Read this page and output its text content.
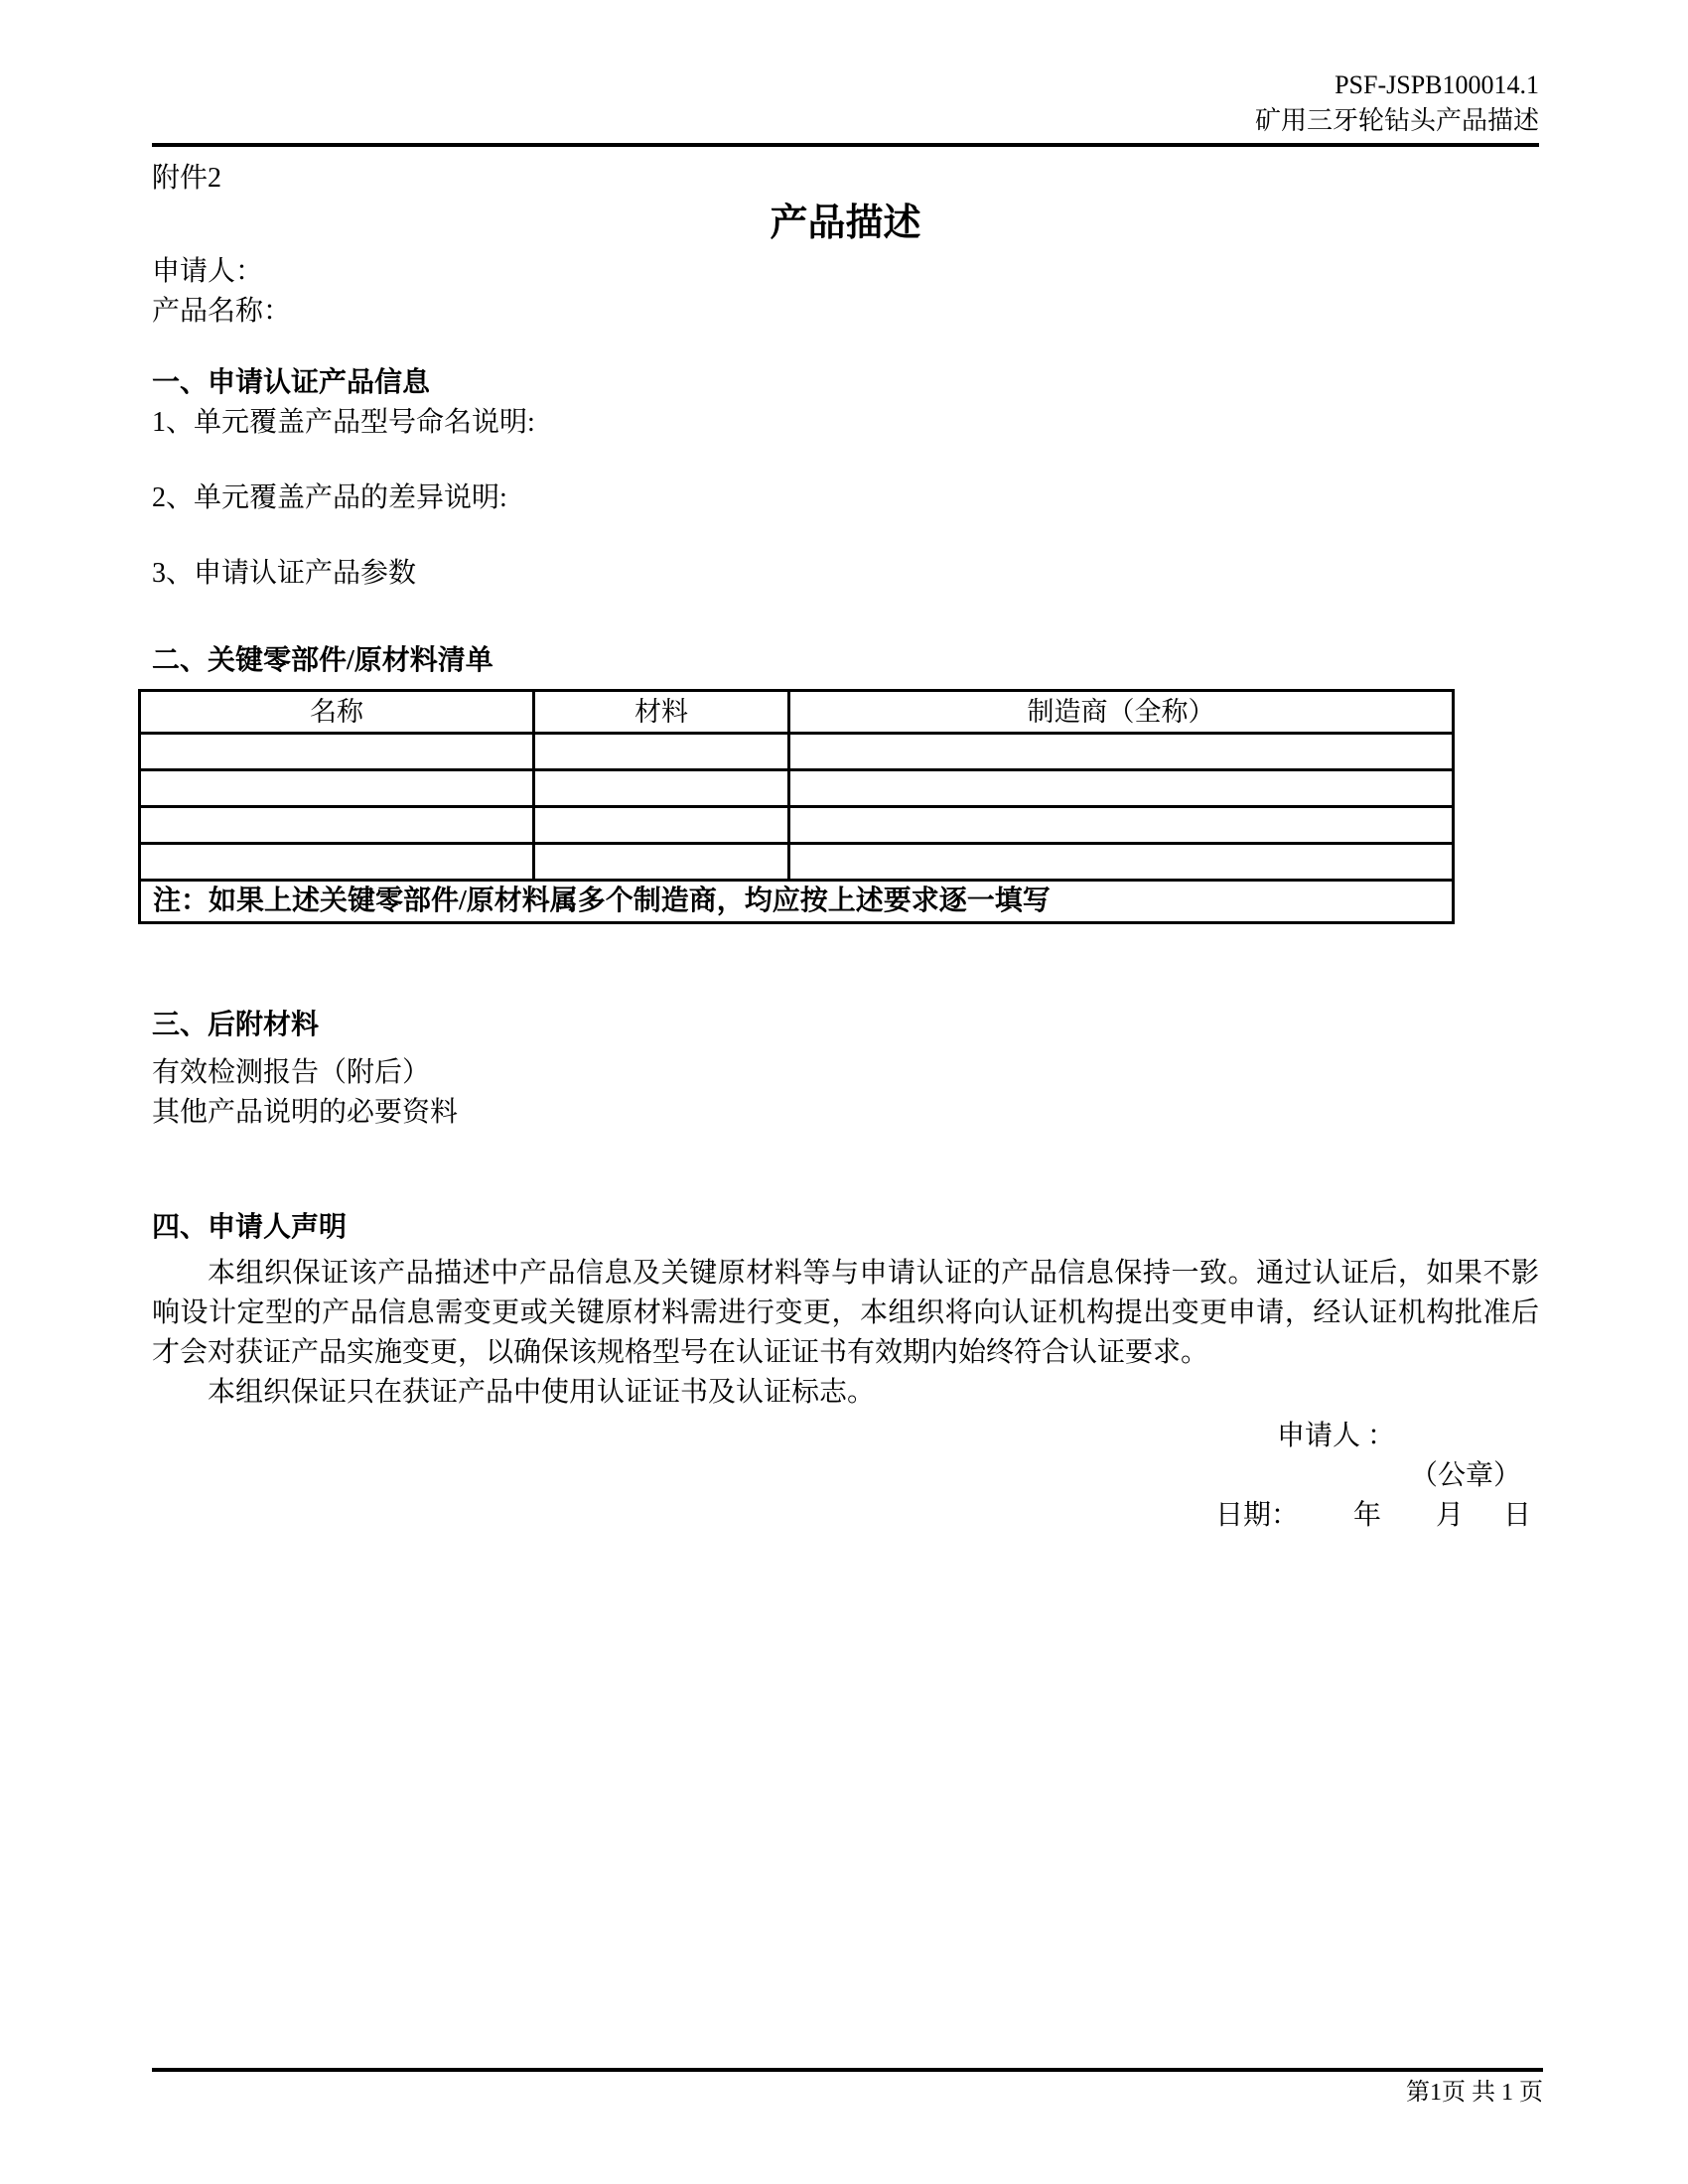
PSF-JSPB100014.1
矿用三牙轮钻头产品描述
附件2
产品描述
申请人：
产品名称：
一、申请认证产品信息
1、单元覆盖产品型号命名说明:
2、单元覆盖产品的差异说明:
3、申请认证产品参数
二、关键零部件/原材料清单
名称	材料	制造商（全称）

注：如果上述关键零部件/原材料属多个制造商，均应按上述要求逐一填写		
三、后附材料
有效检测报告（附后）
其他产品说明的必要资料
四、申请人声明

本组织保证该产品描述中产品信息及关键原材料等与申请认证的产品信息保持一致。通过认证后，如果不影响设计定型的产品信息需变更或关键原材料需进行变更，本组织将向认证机构提出变更申请，经认证机构批准后才会对获证产品实施变更，以确保该规格型号在认证证书有效期内始终符合认证要求。

本组织保证只在获证产品中使用认证证书及认证标志。

申请人 ：
（公章）
日期： 年 月 日
第1页 共 1 页
